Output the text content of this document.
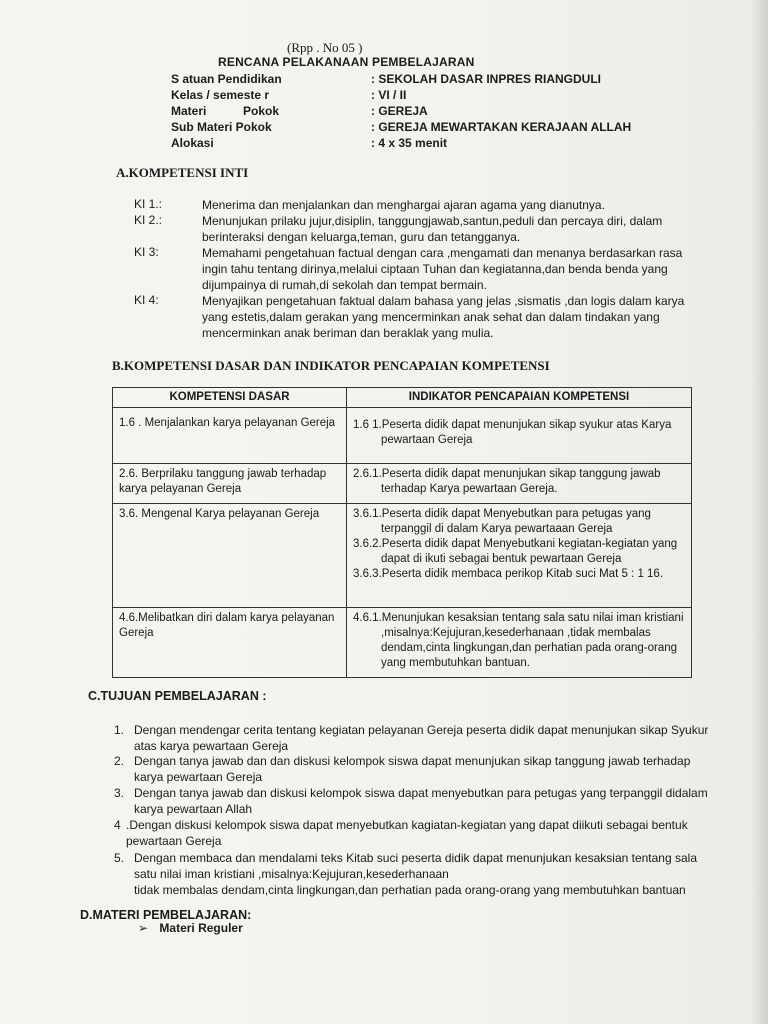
(Rpp . No 05 )
RENCANA PELAKANAAN PEMBELAJARAN
S atuan Pendidikan	: SEKOLAH DASAR INPRES RIANGDULI
Kelas / semeste r	: VI / II
Materi           Pokok	: GEREJA
Sub Materi Pokok	: GEREJA MEWARTAKAN KERAJAAN ALLAH
Alokasi	: 4 x 35 menit
A.KOMPETENSI INTI
KI 1.:	Menerima dan menjalankan dan menghargai ajaran agama yang dianutnya.
KI 2.:	Menunjukan prilaku jujur,disiplin, tanggungjawab,santun,peduli dan percaya diri, dalam berinteraksi dengan keluarga,teman, guru dan tetangganya.
KI 3:	Memahami pengetahuan factual dengan cara ,mengamati dan menanya berdasarkan rasa ingin tahu tentang dirinya,melalui ciptaan Tuhan dan kegiatanna,dan benda benda yang dijumpainya di rumah,di sekolah dan tempat bermain.
KI 4:	Menyajikan pengetahuan faktual dalam bahasa yang jelas ,sismatis ,dan logis dalam karya yang estetis,dalam gerakan yang mencerminkan anak sehat dan dalam tindakan yang mencerminkan anak beriman dan beraklak yang mulia.
B.KOMPETENSI DASAR DAN INDIKATOR PENCAPAIAN KOMPETENSI
KOMPETENSI DASAR	INDIKATOR PENCAPAIAN KOMPETENSI
1.6 . Menjalankan karya pelayanan Gereja	1.6 1.Peserta didik dapat menunjukan sikap syukur atas Karya pewartaan Gereja

2.6. Berprilaku tanggung jawab terhadap karya pelayanan Gereja	2.6.1.Peserta didik dapat menunjukan sikap tanggung jawab terhadap Karya pewartaan Gereja.

3.6. Mengenal Karya pelayanan Gereja	3.6.1.Peserta didik dapat Menyebutkan para petugas yang terpanggil di dalam Karya pewartaaan Gereja

3.6.2.Peserta didik dapat Menyebutkani kegiatan-kegiatan yang dapat di ikuti sebagai bentuk pewartaan Gereja

3.6.3.Peserta didik membaca perikop Kitab suci Mat 5 : 1 16.

4.6.Melibatkan diri dalam karya pelayanan Gereja	4.6.1.Menunjukan kesaksian tentang sala satu nilai iman kristiani ,misalnya:Kejujuran,kesederhanaan ,tidak membalas dendam,cinta lingkungan,dan perhatian pada orang-orang yang membutuhkan bantuan.

C.TUJUAN PEMBELAJARAN :
1. Dengan mendengar cerita tentang kegiatan pelayanan Gereja peserta didik dapat menunjukan sikap Syukur atas karya pewartaan Gereja
2. Dengan tanya jawab dan dan diskusi kelompok siswa dapat menunjukan sikap tanggung jawab terhadap karya pewartaan Gereja
3. Dengan tanya jawab dan diskusi kelompok siswa dapat menyebutkan para petugas yang terpanggil didalam karya pewartaan Allah
4 .Dengan diskusi kelompok siswa dapat menyebutkan kagiatan-kegiatan yang dapat diikuti sebagai bentuk pewartaan Gereja
5. Dengan membaca dan mendalami teks Kitab suci peserta didik dapat menunjukan kesaksian tentang sala satu nilai iman kristiani ,misalnya:Kejujuran,kesederhanaan
tidak membalas dendam,cinta lingkungan,dan perhatian pada orang-orang yang membutuhkan bantuan
D.MATERI PEMBELAJARAN:
➢ Materi Reguler
